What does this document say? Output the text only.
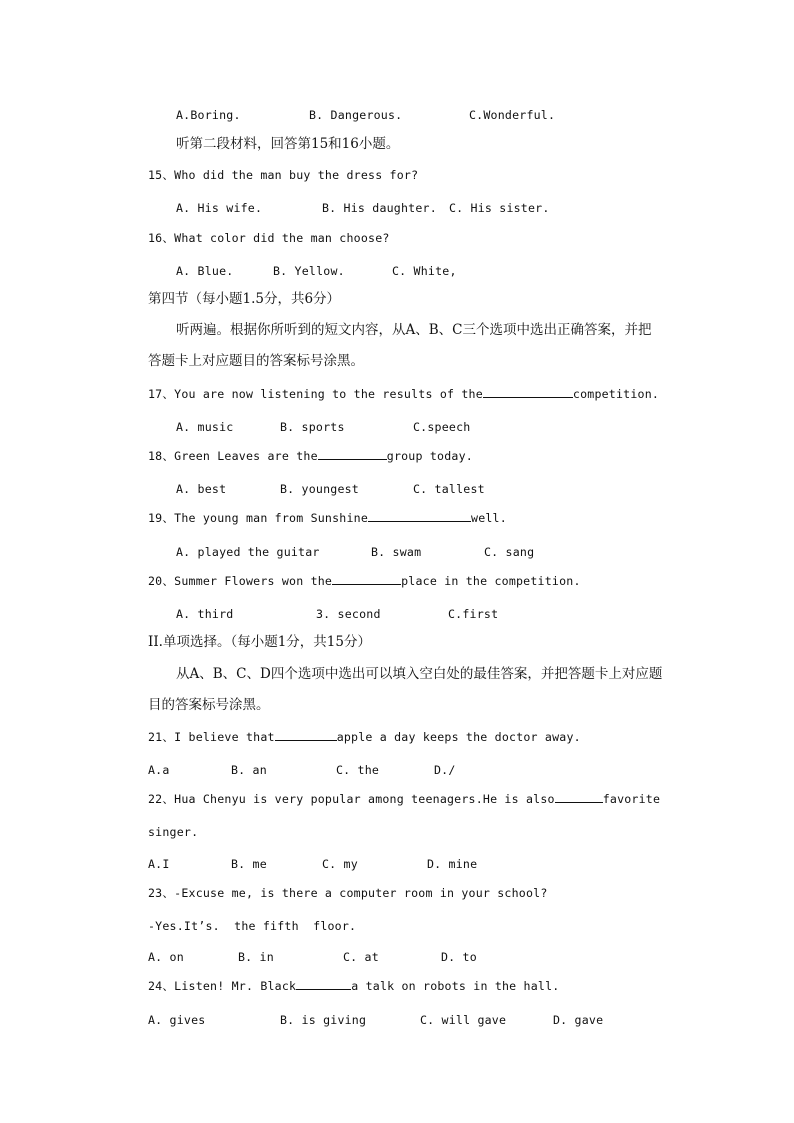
A.Boring.	B. Dangerous.	C.Wonderful.
听第二段材料，回答第15和16小题。
15、Who did the man buy the dress for?
A. His wife.	B. His daughter. C. His sister.
16、What color did the man choose?
A. Blue.	B. Yellow.	C. White,
第四节（每小题1.5分，共6分）
听两遍。根据你所听到的短文内容，从A、B、C三个选项中选出正确答案，并把
答题卡上对应题目的答案标号涂黑。
17、You are now listening to the results of the	competition.
A. music	B. sports	C.speech
18、Green Leaves are the	group today.
A. best	B. youngest	C. tallest
19、The young man from Sunshine	well.
A. played the guitar	B. swam	C. sang
20、Summer Flowers won the	place in the competition.
A. third	3. second	C.first
II.单项选择。（每小题1分，共15分）
从A、B、C、D四个选项中选出可以填入空白处的最佳答案，并把答题卡上对应题
目的答案标号涂黑。
21、I believe that	apple a day keeps the doctor away.
A.a	B. an	C. the	D./
22、Hua Chenyu is very popular among teenagers.He is also	favorite
singer.
A.I	B. me	C. my	D. mine
23、-Excuse me, is there a computer room in your school?
-Yes.It’s.  the fifth  floor.
A. on	B. in	C. at	D. to
24、Listen! Mr. Black	a talk on robots in the hall.
A. gives	B. is giving	C. will gave	D. gave
